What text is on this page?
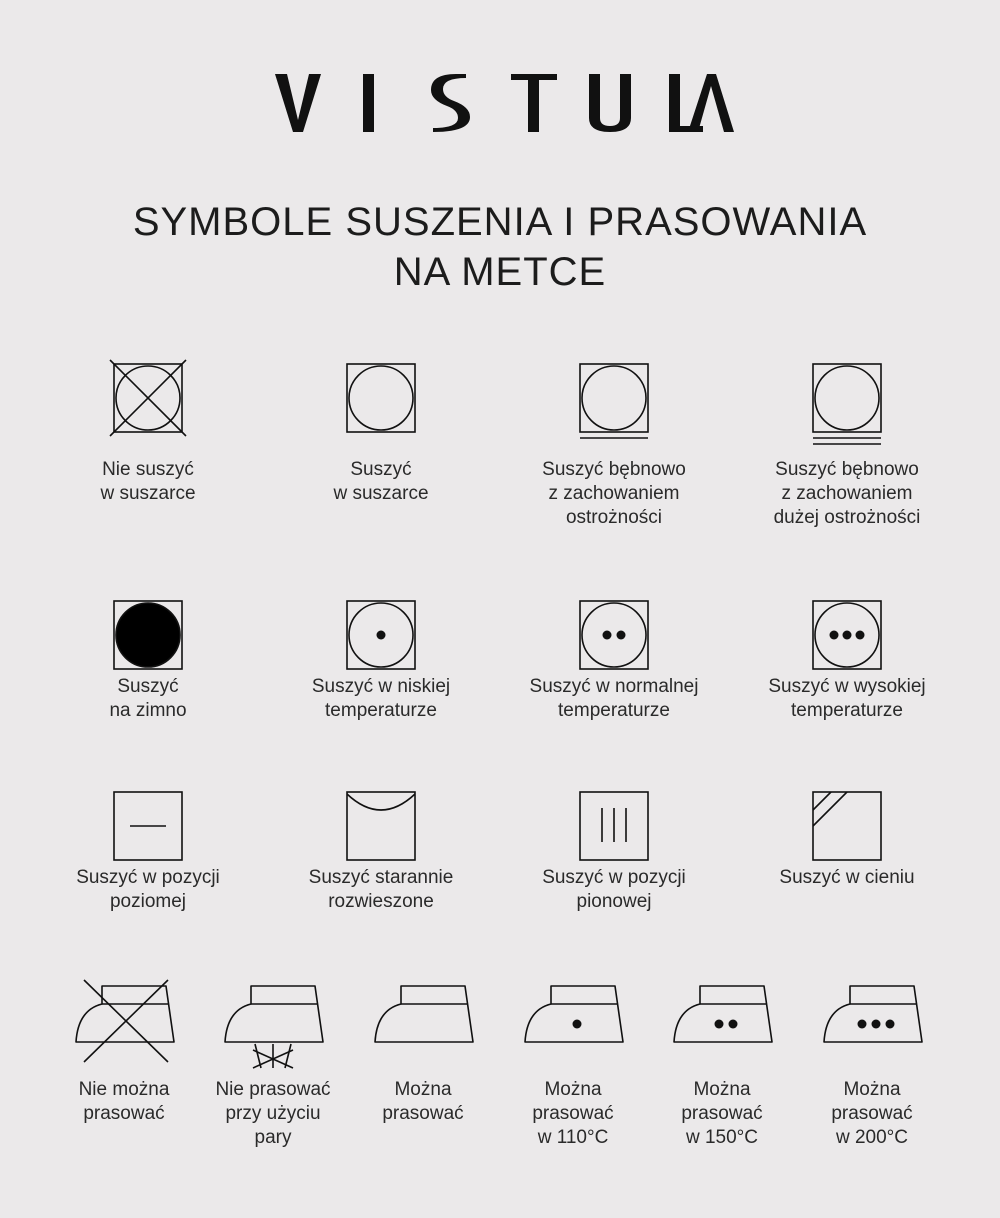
SYMBOLE SUSZENIA I PRASOWANIA
NA METCE
Nie suszyć
w suszarce
Suszyć
w suszarce
Suszyć bębnowo
z zachowaniem
ostrożności
Suszyć bębnowo
z zachowaniem
dużej ostrożności
Suszyć
na zimno
Suszyć w niskiej
temperaturze
Suszyć w normalnej
temperaturze
Suszyć w wysokiej
temperaturze
Suszyć w pozycji
poziomej
Suszyć starannie
rozwieszone
Suszyć w pozycji
pionowej
Suszyć w cieniu
Nie można
prasować
Nie prasować
przy użyciu
pary
Można
prasować
Można
prasować
w 110°C
Można
prasować
w 150°C
Można
prasować
w 200°C
